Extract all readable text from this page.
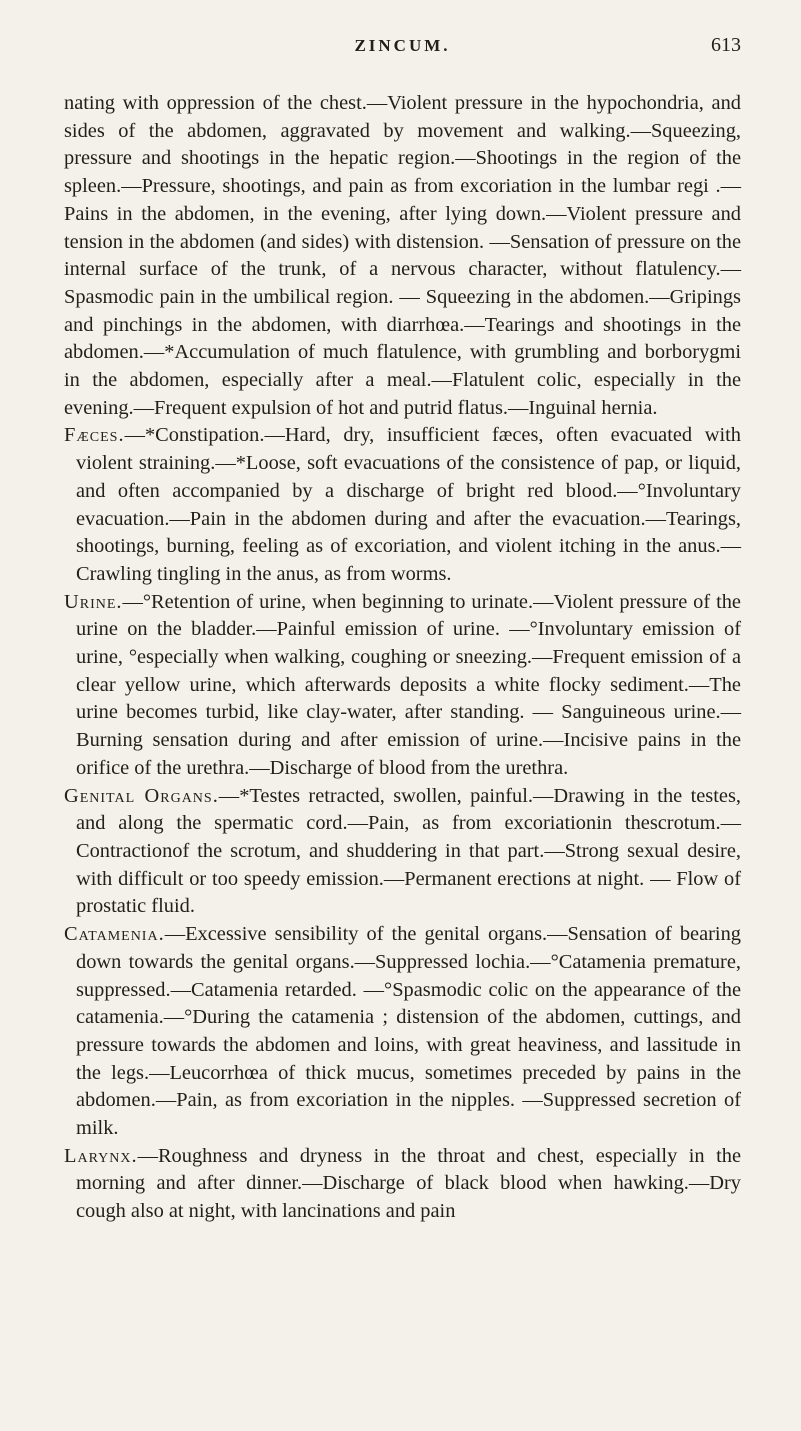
ZINCUM.	613

nating with oppression of the chest.—Violent pressure in the hypochondria, and sides of the abdomen, aggravated by movement and walking.—Squeezing, pressure and shootings in the hepatic region.—Shootings in the region of the spleen.—Pressure, shootings, and pain as from excoriation in the lumbar regi .—Pains in the abdomen, in the evening, after lying down.—Violent pressure and tension in the abdomen (and sides) with distension. —Sensation of pressure on the internal surface of the trunk, of a nervous character, without flatulency.—Spasmodic pain in the umbilical region. — Squeezing in the abdomen.—Gripings and pinchings in the abdomen, with diarrhœa.—Tearings and shootings in the abdomen.—*Accumulation of much flatulence, with grumbling and borborygmi in the abdomen, especially after a meal.—Flatulent colic, especially in the evening.—Frequent expulsion of hot and putrid flatus.—Inguinal hernia.

Fæces.—*Constipation.—Hard, dry, insufficient fæces, often evacuated with violent straining.—*Loose, soft evacuations of the consistence of pap, or liquid, and often accompanied by a discharge of bright red blood.—°Involuntary evacuation.—Pain in the abdomen during and after the evacuation.—Tearings, shootings, burning, feeling as of excoriation, and violent itching in the anus.—Crawling tingling in the anus, as from worms.

Urine.—°Retention of urine, when beginning to urinate.—Violent pressure of the urine on the bladder.—Painful emission of urine. —°Involuntary emission of urine, °especially when walking, coughing or sneezing.—Frequent emission of a clear yellow urine, which afterwards deposits a white flocky sediment.—The urine becomes turbid, like clay-water, after standing. — Sanguineous urine.—Burning sensation during and after emission of urine.—Incisive pains in the orifice of the urethra.—Discharge of blood from the urethra.

Genital Organs.—*Testes retracted, swollen, painful.—Drawing in the testes, and along the spermatic cord.—Pain, as from excoriationin thescrotum.—Contractionof the scrotum, and shuddering in that part.—Strong sexual desire, with difficult or too speedy emission.—Permanent erections at night. — Flow of prostatic fluid.

Catamenia.—Excessive sensibility of the genital organs.—Sensation of bearing down towards the genital organs.—Suppressed lochia.—°Catamenia premature, suppressed.—Catamenia retarded. —°Spasmodic colic on the appearance of the catamenia.—°During the catamenia ; distension of the abdomen, cuttings, and pressure towards the abdomen and loins, with great heaviness, and lassitude in the legs.—Leucorrhœa of thick mucus, sometimes preceded by pains in the abdomen.—Pain, as from excoriation in the nipples. —Suppressed secretion of milk.

Larynx.—Roughness and dryness in the throat and chest, especially in the morning and after dinner.—Discharge of black blood when hawking.—Dry cough also at night, with lancinations and pain
